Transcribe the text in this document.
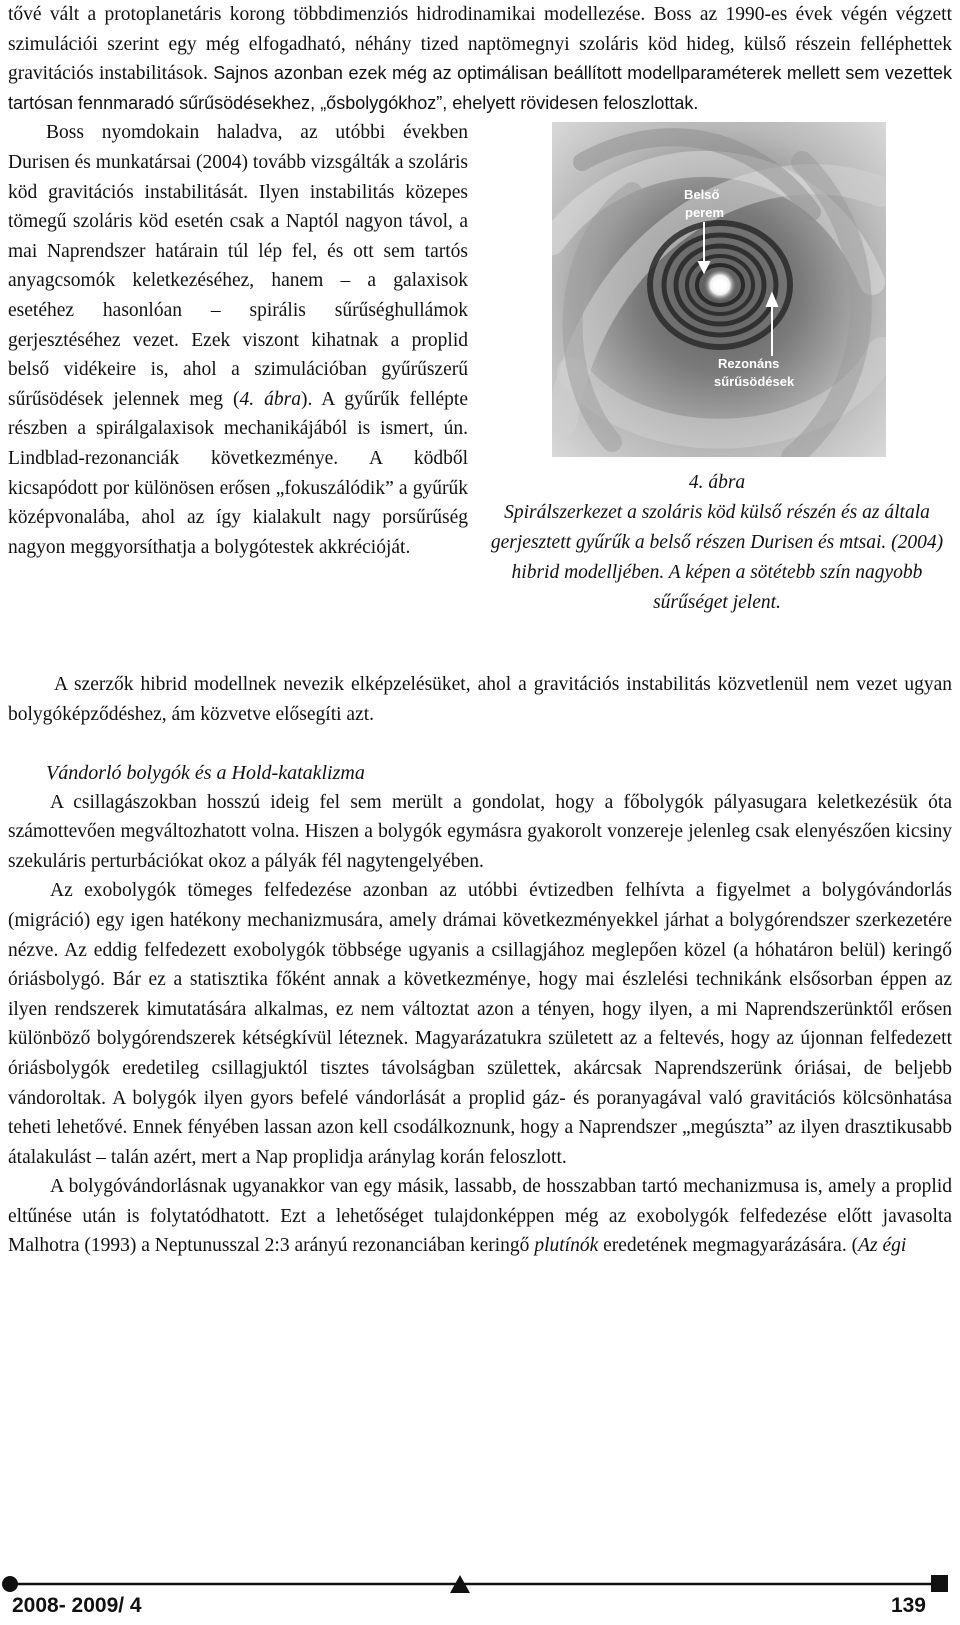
tővé vált a protoplanetáris korong többdimenziós hidrodinamikai modellezése. Boss az 1990-es évek végén végzett szimulációi szerint egy még elfogadható, néhány tized naptömegnyi szoláris köd hideg, külső részein felléphettek gravitációs instabilitások. Sajnos azonban ezek még az optimálisan beállított modellparaméterek mellett sem vezettek tartósan fennmaradó sűrűsödésekhez, „ősbolygókhoz”, ehelyett rövidesen feloszlottak.

Belső
perem
Rezonáns
sűrűsödések
4. ábra
Spirálszerkezet a szoláris köd külső részén és az általa gerjesztett gyűrűk a belső részen Durisen és mtsai. (2004) hibrid modelljében. A képen a sötétebb szín nagyobb sűrűséget jelent.

Boss nyomdokain haladva, az utóbbi években Durisen és munkatársai (2004) tovább vizsgálták a szoláris köd gravitációs instabilitását. Ilyen instabilitás közepes tömegű szoláris köd esetén csak a Naptól nagyon távol, a mai Naprendszer határain túl lép fel, és ott sem tartós anyagcsomók keletkezéséhez, hanem – a galaxisok esetéhez hasonlóan – spirális sűrűséghullámok gerjesztéséhez vezet. Ezek viszont kihatnak a proplid belső vidékeire is, ahol a szimulációban gyűrűszerű sűrűsödések jelennek meg (4. ábra). A gyűrűk fellépte részben a spirálgalaxisok mechanikájából is ismert, ún. Lindblad-rezonanciák következménye. A ködből kicsapódott por különösen erősen „fokuszálódik” a gyűrűk középvonalába, ahol az így kialakult nagy porsűrűség nagyon meggyorsíthatja a bolygótestek akkrécióját.

A szerzők hibrid modellnek nevezik elképzelésüket, ahol a gravitációs instabilitás közvetlenül nem vezet ugyan bolygóképződéshez, ám közvetve elősegíti azt.

Vándorló bolygók és a Hold-kataklizma

A csillagászokban hosszú ideig fel sem merült a gondolat, hogy a főbolygók pályasugara keletkezésük óta számottevően megváltozhatott volna. Hiszen a bolygók egymásra gyakorolt vonzereje jelenleg csak elenyészően kicsiny szekuláris perturbációkat okoz a pályák fél nagytengelyében.

Az exobolygók tömeges felfedezése azonban az utóbbi évtizedben felhívta a figyelmet a bolygóvándorlás (migráció) egy igen hatékony mechanizmusára, amely drámai következményekkel járhat a bolygórendszer szerkezetére nézve. Az eddig felfedezett exobolygók többsége ugyanis a csillagjához meglepően közel (a hóhatáron belül) keringő óriásbolygó. Bár ez a statisztika főként annak a következménye, hogy mai észlelési technikánk elsősorban éppen az ilyen rendszerek kimutatására alkalmas, ez nem változtat azon a tényen, hogy ilyen, a mi Naprendszerünktől erősen különböző bolygórendszerek kétségkívül léteznek. Magyarázatukra született az a feltevés, hogy az újonnan felfedezett óriásbolygók eredetileg csillagjuktól tisztes távolságban születtek, akárcsak Naprendszerünk óriásai, de beljebb vándoroltak. A bolygók ilyen gyors befelé vándorlását a proplid gáz- és poranyagával való gravitációs kölcsönhatása teheti lehetővé. Ennek fényében lassan azon kell csodálkoznunk, hogy a Naprendszer „megúszta” az ilyen drasztikusabb átalakulást – talán azért, mert a Nap proplidja aránylag korán feloszlott.

A bolygóvándorlásnak ugyanakkor van egy másik, lassabb, de hosszabban tartó mechanizmusa is, amely a proplid eltűnése után is folytatódhatott. Ezt a lehetőséget tulajdonképpen még az exobolygók felfedezése előtt javasolta Malhotra (1993) a Neptunusszal 2:3 arányú rezonanciában keringő plutínók eredetének megmagyarázására. (Az égi

2008- 2009/ 4	139
